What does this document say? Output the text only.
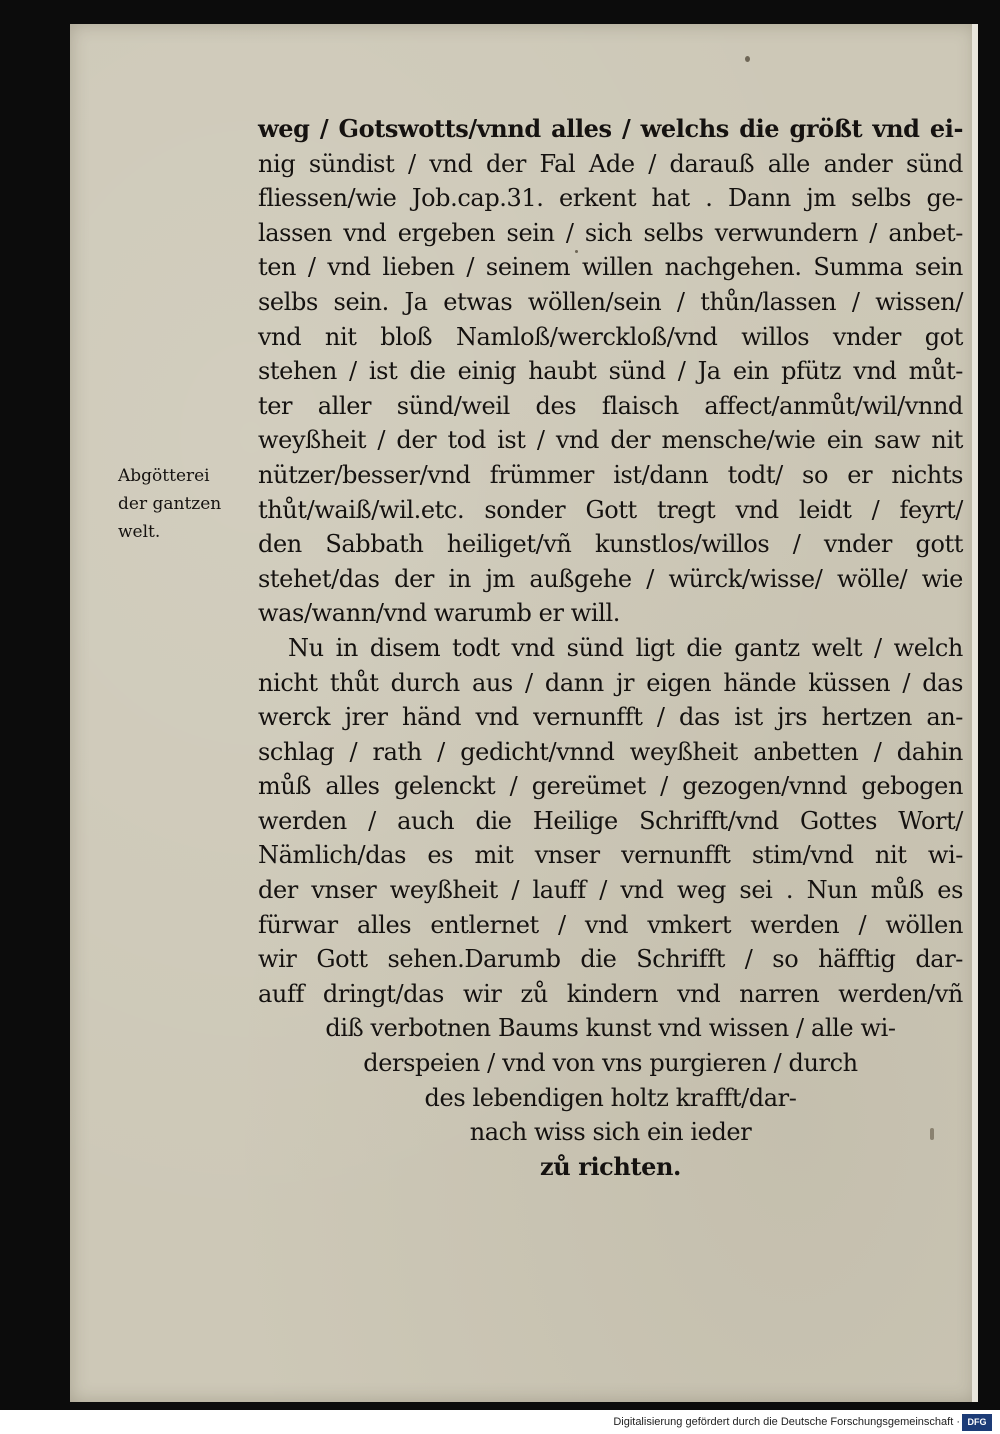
Abgötterei
der gantzen
welt.
weg / Gotswotts/vnnd alles / welchs die größt vnd ei-
nig sündist / vnd der Fal Ade / darauß alle ander sünd
fliessen/wie Job.cap.31. erkent hat . Dann jm selbs ge-
lassen vnd ergeben sein / sich selbs verwundern / anbet-
ten / vnd lieben / seinem willen nachgehen. Summa sein
selbs sein. Ja etwas wöllen/sein / thůn/lassen / wissen/
vnd nit bloß Namloß/werckloß/vnd willos vnder got
stehen / ist die einig haubt sünd / Ja ein pfütz vnd můt-
ter aller sünd/weil des flaisch affect/anmůt/wil/vnnd
weyßheit / der tod ist / vnd der mensche/wie ein saw nit
nützer/besser/vnd frümmer ist/dann todt/ so er nichts
thůt/waiß/wil.etc. sonder Gott tregt vnd leidt / feyrt/
den Sabbath heiliget/vñ kunstlos/willos / vnder gott
stehet/das der in jm außgehe / würck/wisse/ wölle/ wie
was/wann/vnd warumb er will.
Nu in disem todt vnd sünd ligt die gantz welt / welch
nicht thůt durch aus / dann jr eigen hände küssen / das
werck jrer händ vnd vernunfft / das ist jrs hertzen an-
schlag / rath / gedicht/vnnd weyßheit anbetten / dahin
můß alles gelenckt / gereümet / gezogen/vnnd gebogen
werden / auch die Heilige Schrifft/vnd Gottes Wort/
Nämlich/das es mit vnser vernunfft stim/vnd nit wi-
der vnser weyßheit / lauff / vnd weg sei . Nun můß es
fürwar alles entlernet / vnd vmkert werden / wöllen
wir Gott sehen.Darumb die Schrifft / so häfftig dar-
auff dringt/das wir zů kindern vnd narren werden/vñ
diß verbotnen Baums kunst vnd wissen / alle wi-
derspeien / vnd von vns purgieren / durch
des lebendigen holtz krafft/dar-
nach wiss sich ein ieder
zů richten.
Digitalisierung gefördert durch die Deutsche Forschungsgemeinschaft · DFG
